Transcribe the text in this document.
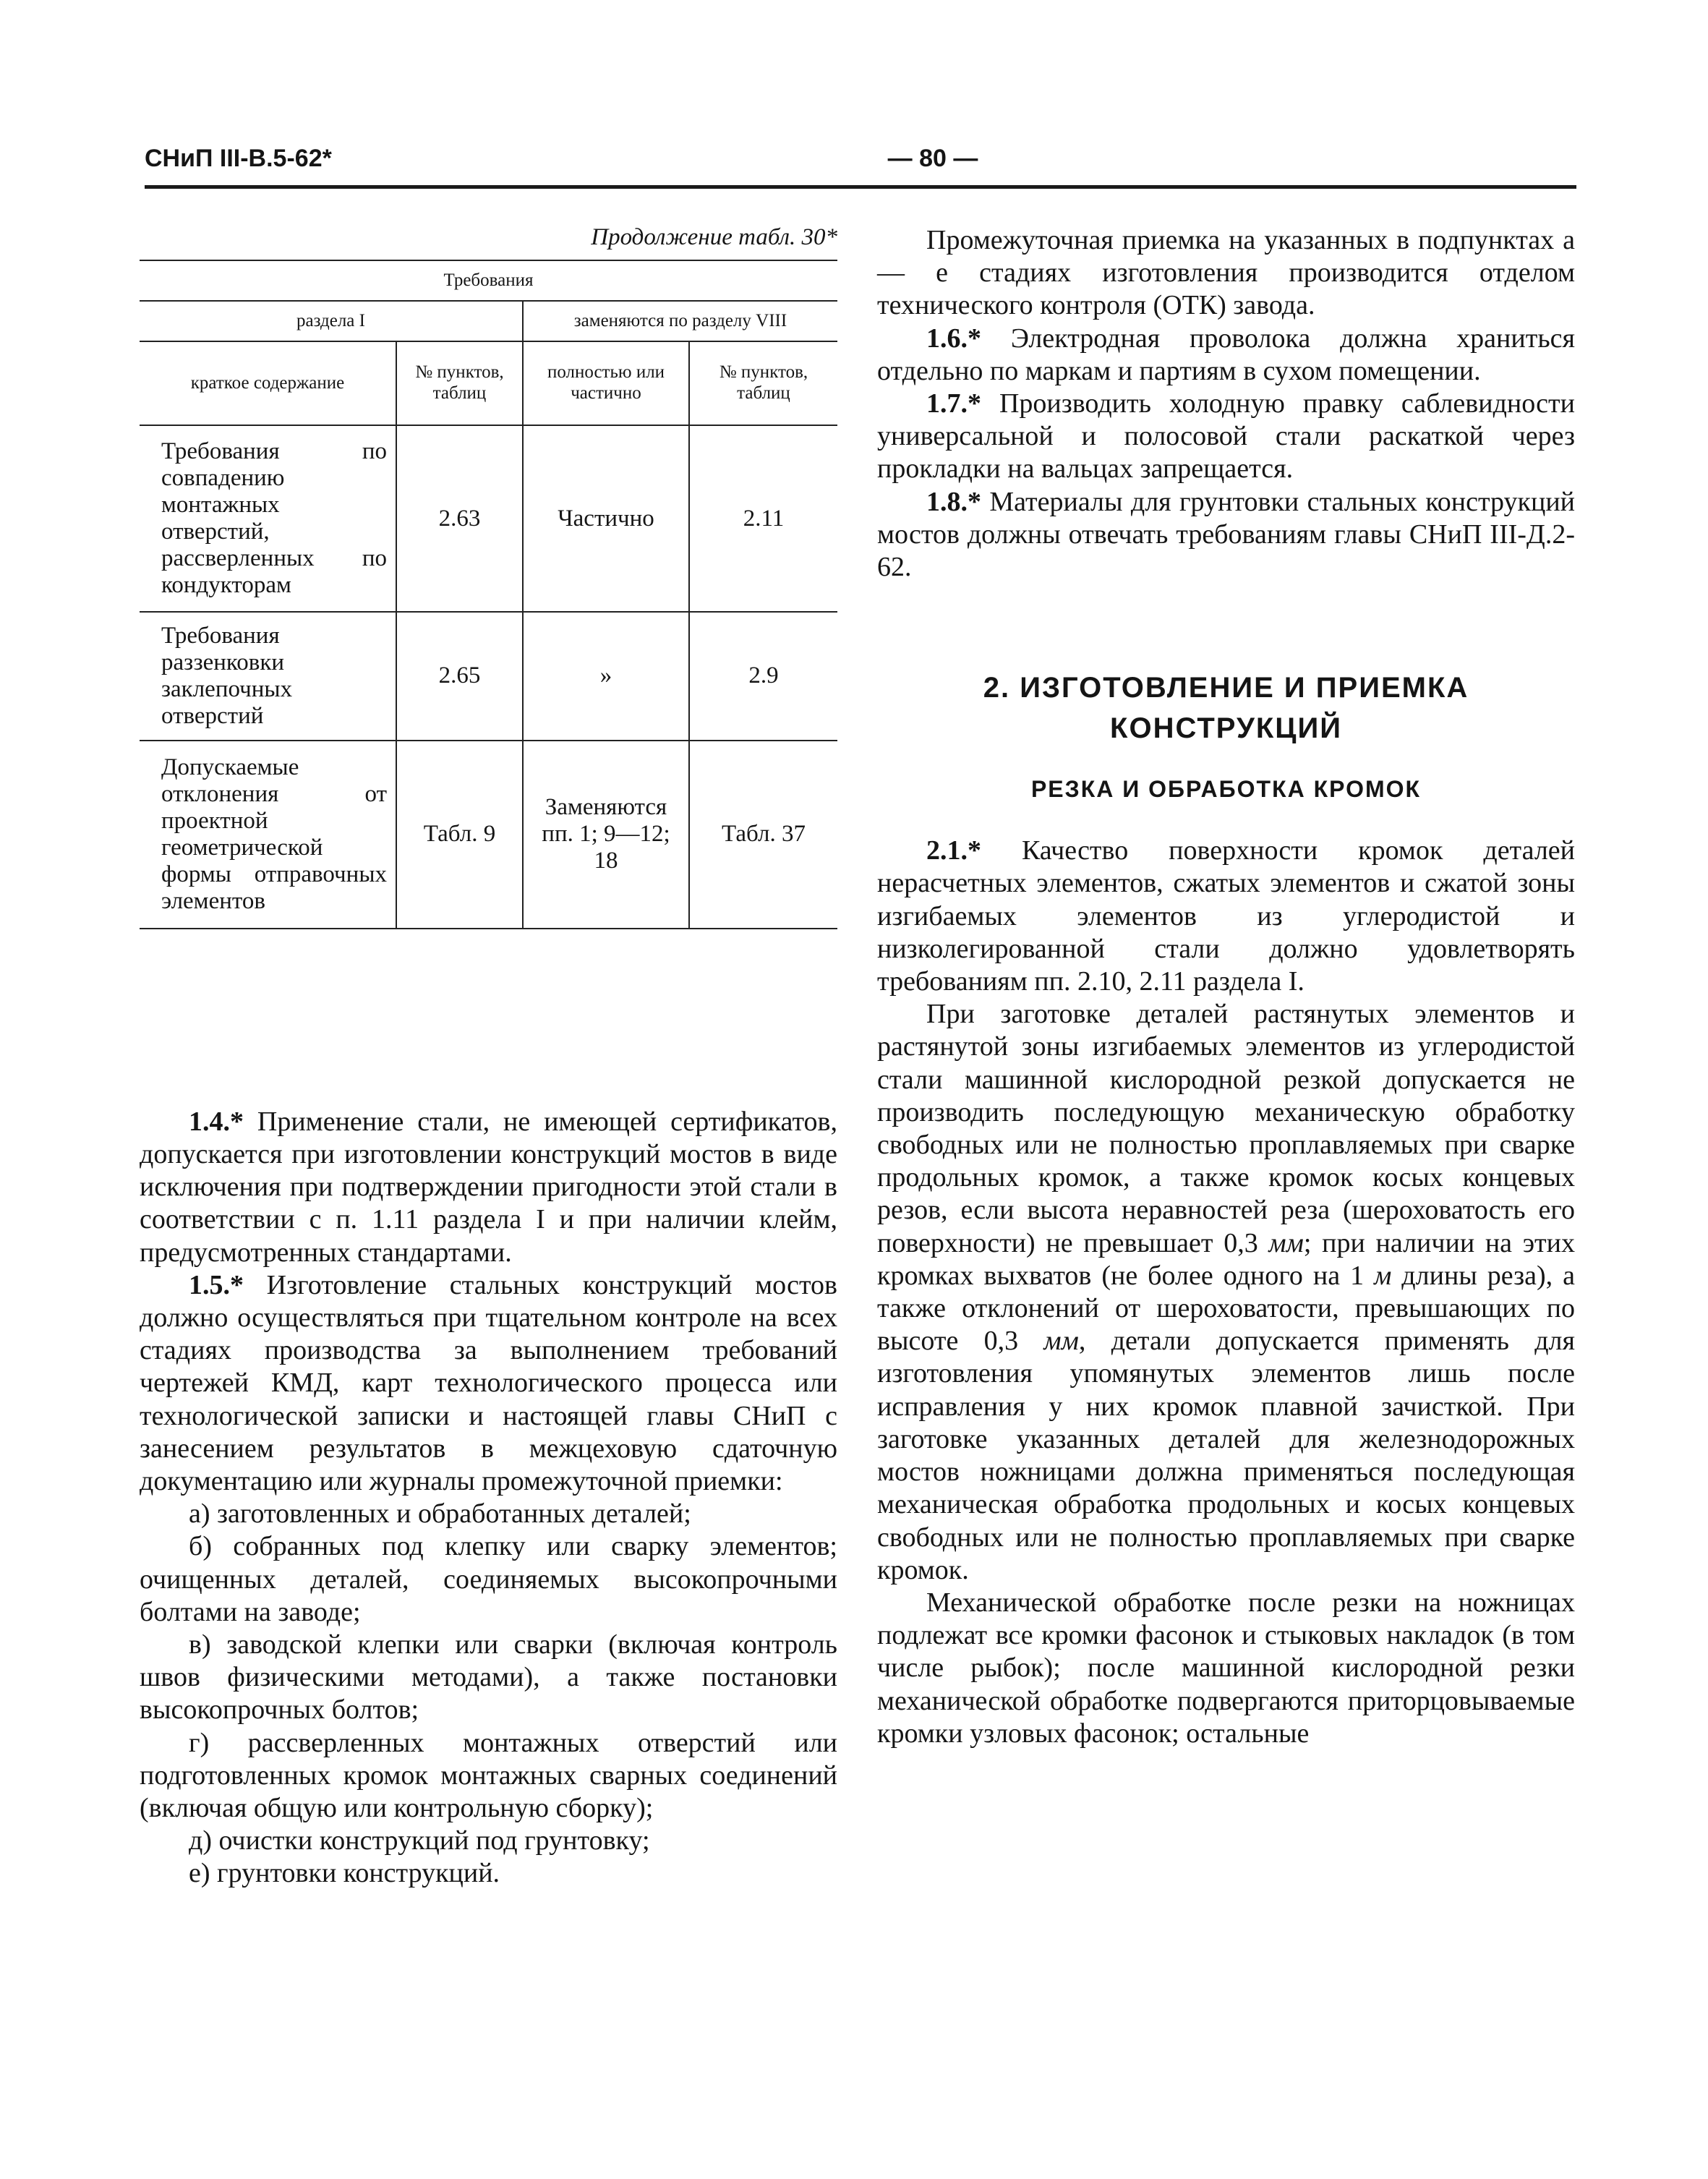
СНиП III-В.5-62*	— 80 —
Продолжение табл. 30*
Требования			
раздела I		заменяются по разделу VIII	
краткое содержание	№ пунктов, таблиц	полностью или частично	№ пунктов, таблиц
Требования по совпадению монтажных отверстий, рассверленных по кондукторам	2.63	Частично	2.11
Требования раззенковки заклепочных отверстий	2.65	»	2.9
Допускаемые отклонения от проектной геометрической формы отправочных элементов	Табл. 9	Заменяются пп. 1; 9—12; 18	Табл. 37

1.4.* Применение стали, не имеющей сертификатов, допускается при изготовлении конструкций мостов в виде исключения при подтверждении пригодности этой стали в соответствии с п. 1.11 раздела I и при наличии клейм, предусмотренных стандартами.

1.5.* Изготовление стальных конструкций мостов должно осуществляться при тщательном контроле на всех стадиях производства за выполнением требований чертежей КМД, карт технологического процесса или технологической записки и настоящей главы СНиП с занесением результатов в межцеховую сдаточную документацию или журналы промежуточной приемки:

а) заготовленных и обработанных деталей;

б) собранных под клепку или сварку элементов; очищенных деталей, соединяемых высокопрочными болтами на заводе;

в) заводской клепки или сварки (включая контроль швов физическими методами), а также постановки высокопрочных болтов;

г) рассверленных монтажных отверстий или подготовленных кромок монтажных сварных соединений (включая общую или контрольную сборку);

д) очистки конструкций под грунтовку;

е) грунтовки конструкций.

Промежуточная приемка на указанных в подпунктах а — е стадиях изготовления производится отделом технического контроля (ОТК) завода.

1.6.* Электродная проволока должна храниться отдельно по маркам и партиям в сухом помещении.

1.7.* Производить холодную правку саблевидности универсальной и полосовой стали раскаткой через прокладки на вальцах запрещается.

1.8.* Материалы для грунтовки стальных конструкций мостов должны отвечать требованиям главы СНиП III-Д.2-62.

2. ИЗГОТОВЛЕНИЕ И ПРИЕМКА

КОНСТРУКЦИЙ

РЕЗКА И ОБРАБОТКА КРОМОК

2.1.* Качество поверхности кромок деталей нерасчетных элементов, сжатых элементов и сжатой зоны изгибаемых элементов из углеродистой и низколегированной стали должно удовлетворять требованиям пп. 2.10, 2.11 раздела I.

При заготовке деталей растянутых элементов и растянутой зоны изгибаемых элементов из углеродистой стали машинной кислородной резкой допускается не производить последующую механическую обработку свободных или не полностью проплавляемых при сварке продольных кромок, а также кромок косых концевых резов, если высота неравностей реза (шероховатость его поверхности) не превышает 0,3 мм; при наличии на этих кромках выхватов (не более одного на 1 м длины реза), а также отклонений от шероховатости, превышающих по высоте 0,3 мм, детали допускается применять для изготовления упомянутых элементов лишь после исправления у них кромок плавной зачисткой. При заготовке указанных деталей для железнодорожных мостов ножницами должна применяться последующая механическая обработка продольных и косых концевых свободных или не полностью проплавляемых при сварке кромок.

Механической обработке после резки на ножницах подлежат все кромки фасонок и стыковых накладок (в том числе рыбок); после машинной кислородной резки механической обработке подвергаются приторцовываемые кромки узловых фасонок; остальные
